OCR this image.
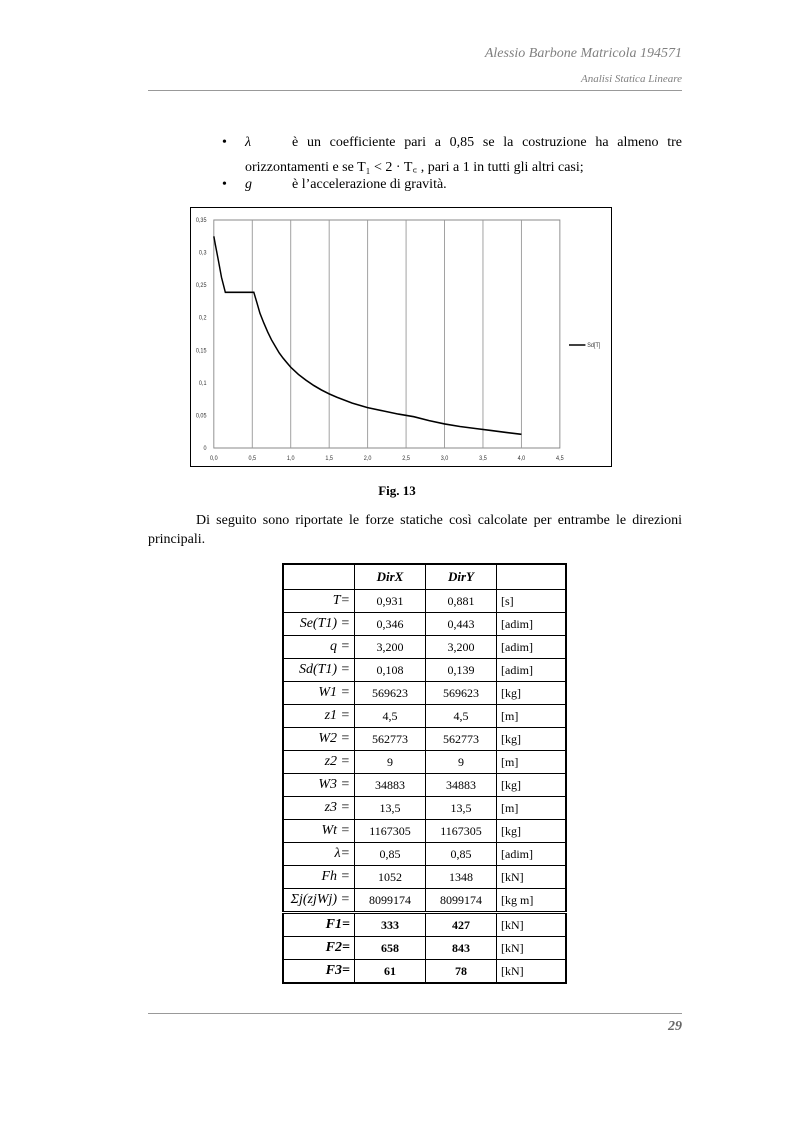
Alessio Barbone Matricola 194571
Analisi Statica Lineare
• λ	è un coefficiente pari a 0,85 se la costruzione ha almeno tre
orizzontamenti e se T₁ < 2 · T꜀ , pari a 1 in tutti gli altri casi;
• g	è l’accelerazione di gravità.
0,0	0,5	1,0	1,5	2,0	2,5	3,0	3,5	4,0	4,5
0
0,05
0,1
0,15
0,2
0,25
0,3
0,35
Sd[T]
Fig. 13
Di seguito sono riportate le forze statiche così calcolate per entrambe le direzioni
principali.
	DirX	DirY	
T=	0,931	0,881	[s]
Se(T1) =	0,346	0,443	[adim]
q =	3,200	3,200	[adim]
Sd(T1) =	0,108	0,139	[adim]
W1 =	569623	569623	[kg]
z1 =	4,5	4,5	[m]
W2 =	562773	562773	[kg]
z2 =	9	9	[m]
W3 =	34883	34883	[kg]
z3 =	13,5	13,5	[m]
Wt =	1167305	1167305	[kg]
λ=	0,85	0,85	[adim]
Fh =	1052	1348	[kN]
Σj(zjWj) =	8099174	8099174	[kg m]
F1=	333	427	[kN]
F2=	658	843	[kN]
F3=	61	78	[kN]
29
